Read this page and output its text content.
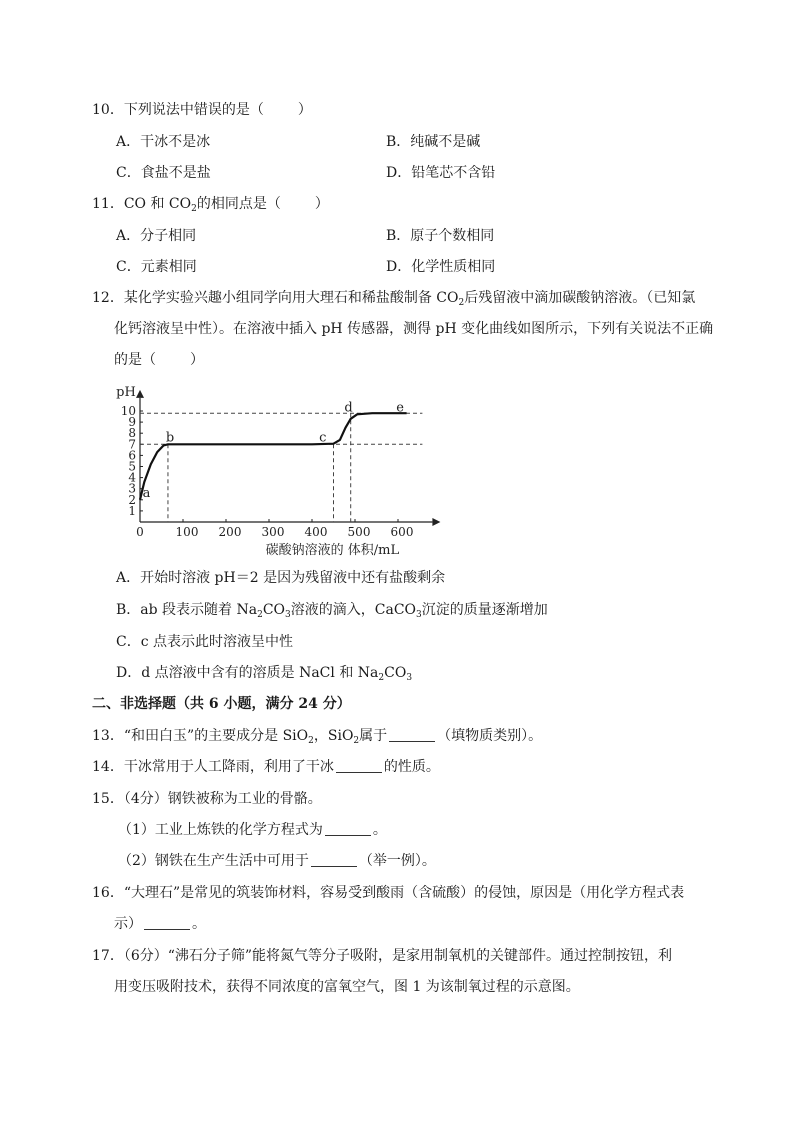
10．下列说法中错误的是（ ）
A．干冰不是冰	B．纯碱不是碱
C．食盐不是盐	D．铅笔芯不含铅
11．CO 和 $CO_2$的相同点是（ ）
A．分子相同	B．原子个数相同
C．元素相同	D．化学性质相同
12．某化学实验兴趣小组同学向用大理石和稀盐酸制备 $CO_2$后残留液中滴加碳酸钠溶液。（已知氯
化钙溶液呈中性）。在溶液中插入 pH 传感器，测得 pH 变化曲线如图所示，下列有关说法不正确
的是（ ）
0	100 200 300 400 500 600
1
2
3
4
5
6
7
8
9
10
pH
碳酸钠溶液的 体积/mL
a
b	c
d	e
A．开始时溶液 pH＝2 是因为残留液中还有盐酸剩余
B．ab 段表示随着 $Na_2CO_3$溶液的滴入，CaCO$_3$沉淀的质量逐渐增加
C．c 点表示此时溶液呈中性
D．d 点溶液中含有的溶质是 NaCl 和 $Na_2CO_3$
二、非选择题（共 6 小题，满分 24 分）
13．“和田白玉”的主要成分是 SiO$_2$，SiO$_2$属于	（填物质类别）。
14．干冰常用于人工降雨，利用了干冰	的性质。
15．（4分）钢铁被称为工业的骨骼。
（1）工业上炼铁的化学方程式为	。
（2）钢铁在生产生活中可用于	（举一例）。
16．“大理石”是常见的筑装饰材料，容易受到酸雨（含硫酸）的侵蚀，原因是（用化学方程式表
示）	。
17．（6分）“沸石分子筛”能将氮气等分子吸附，是家用制氧机的关键部件。通过控制按钮，利
用变压吸附技术，获得不同浓度的富氧空气，图 1 为该制氧过程的示意图。
